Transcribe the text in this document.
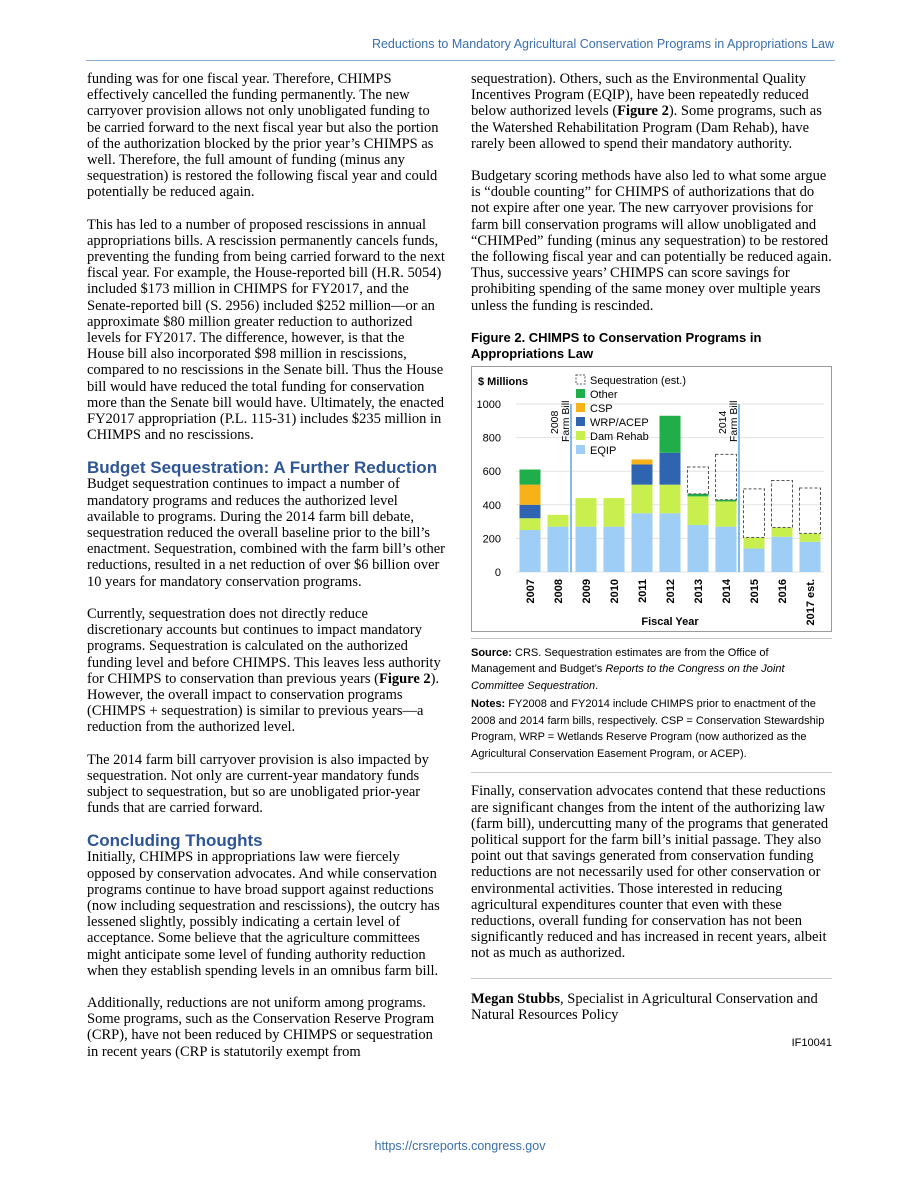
Reductions to Mandatory Agricultural Conservation Programs in Appropriations Law

funding was for one fiscal year. Therefore, CHIMPS effectively cancelled the funding permanently. The new carryover provision allows not only unobligated funding to be carried forward to the next fiscal year but also the portion of the authorization blocked by the prior year’s CHIMPS as well. Therefore, the full amount of funding (minus any sequestration) is restored the following fiscal year and could potentially be reduced again.

This has led to a number of proposed rescissions in annual appropriations bills. A rescission permanently cancels funds, preventing the funding from being carried forward to the next fiscal year. For example, the House-reported bill (H.R. 5054) included $173 million in CHIMPS for FY2017, and the Senate-reported bill (S. 2956) included $252 million—or an approximate $80 million greater reduction to authorized levels for FY2017. The difference, however, is that the House bill also incorporated $98 million in rescissions, compared to no rescissions in the Senate bill. Thus the House bill would have reduced the total funding for conservation more than the Senate bill would have. Ultimately, the enacted FY2017 appropriation (P.L. 115-31) includes $235 million in CHIMPS and no rescissions.

Budget Sequestration: A Further Reduction

Budget sequestration continues to impact a number of mandatory programs and reduces the authorized level available to programs. During the 2014 farm bill debate, sequestration reduced the overall baseline prior to the bill’s enactment. Sequestration, combined with the farm bill’s other reductions, resulted in a net reduction of over $6 billion over 10 years for mandatory conservation programs.

Currently, sequestration does not directly reduce discretionary accounts but continues to impact mandatory programs. Sequestration is calculated on the authorized funding level and before CHIMPS. This leaves less authority for CHIMPS to conservation than previous years (Figure 2). However, the overall impact to conservation programs (CHIMPS + sequestration) is similar to previous years—a reduction from the authorized level.

The 2014 farm bill carryover provision is also impacted by sequestration. Not only are current-year mandatory funds subject to sequestration, but so are unobligated prior-year funds that are carried forward.

Concluding Thoughts

Initially, CHIMPS in appropriations law were fiercely opposed by conservation advocates. And while conservation programs continue to have broad support against reductions (now including sequestration and rescissions), the outcry has lessened slightly, possibly indicating a certain level of acceptance. Some believe that the agriculture committees might anticipate some level of funding authority reduction when they establish spending levels in an omnibus farm bill.

Additionally, reductions are not uniform among programs. Some programs, such as the Conservation Reserve Program (CRP), have not been reduced by CHIMPS or sequestration in recent years (CRP is statutorily exempt from

sequestration). Others, such as the Environmental Quality Incentives Program (EQIP), have been repeatedly reduced below authorized levels (Figure 2). Some programs, such as the Watershed Rehabilitation Program (Dam Rehab), have rarely been allowed to spend their mandatory authority.

Budgetary scoring methods have also led to what some argue is “double counting” for CHIMPS of authorizations that do not expire after one year. The new carryover provisions for farm bill conservation programs will allow unobligated and “CHIMPed” funding (minus any sequestration) to be restored the following fiscal year and can potentially be reduced again. Thus, successive years’ CHIMPS can score savings for prohibiting spending of the same money over multiple years unless the funding is rescinded.

Figure 2. CHIMPS to Conservation Programs in Appropriations Law
0
200
400
600
800
1000
$ Millions
2008 Farm Bill	2014 Farm Bill
2007 2008 2009 2010 2011 2012 2013 2014 2015 2016 2017 est.
Fiscal Year
Sequestration (est.)
Other
CSP
WRP/ACEP
Dam Rehab
EQIP
Source: CRS. Sequestration estimates are from the Office of Management and Budget’s Reports to the Congress on the Joint Committee Sequestration.
Notes: FY2008 and FY2014 include CHIMPS prior to enactment of the 2008 and 2014 farm bills, respectively. CSP = Conservation Stewardship Program, WRP = Wetlands Reserve Program (now authorized as the Agricultural Conservation Easement Program, or ACEP).

Finally, conservation advocates contend that these reductions are significant changes from the intent of the authorizing law (farm bill), undercutting many of the programs that generated political support for the farm bill’s initial passage. They also point out that savings generated from conservation funding reductions are not necessarily used for other conservation or environmental activities. Those interested in reducing agricultural expenditures counter that even with these reductions, overall funding for conservation has not been significantly reduced and has increased in recent years, albeit not as much as authorized.

Megan Stubbs, Specialist in Agricultural Conservation and Natural Resources Policy
IF10041
https://crsreports.congress.gov
